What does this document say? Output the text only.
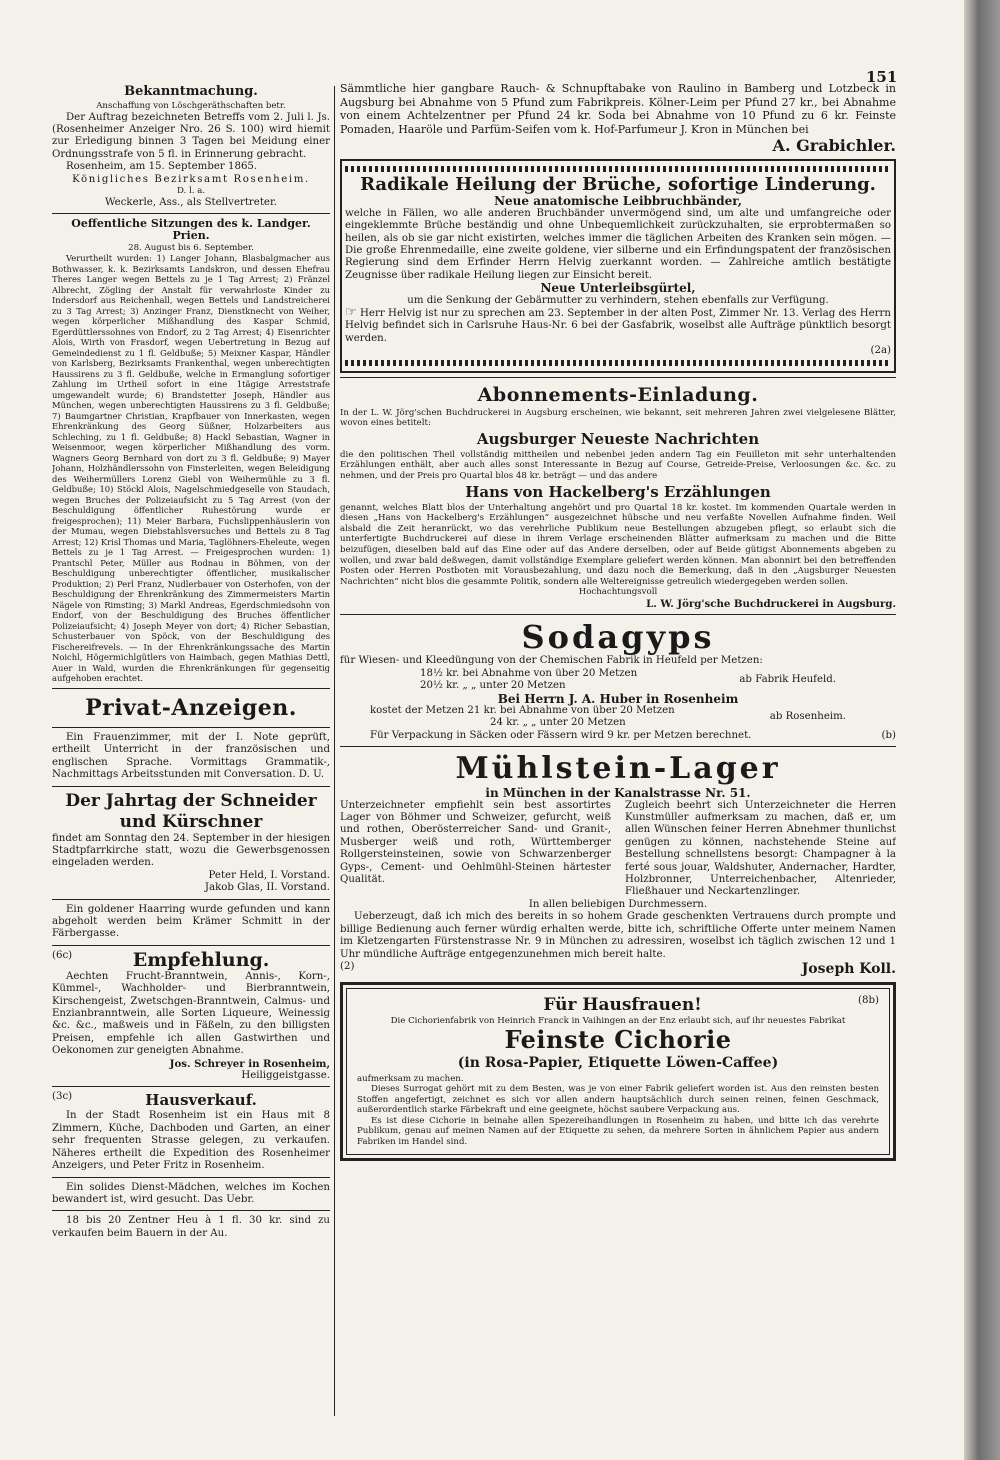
151

Bekanntmachung.

Anschaffung von Löschgeräthschaften betr.

Der Auftrag bezeichneten Betreffs vom 2. Juli l. Js. (Rosenheimer Anzeiger Nro. 26 S. 100) wird hiemit zur Erledigung binnen 3 Tagen bei Meidung einer Ordnungsstrafe von 5 fl. in Erinnerung gebracht.

Rosenheim, am 15. September 1865.

Königliches Bezirksamt Rosenheim.

D. l. a.

Weckerle, Ass., als Stellvertreter.

Oeffentliche Sitzungen des k. Landger. Prien.

28. August bis 6. September.

Verurtheilt wurden: 1) Langer Johann, Blasbalgmacher aus Bothwasser, k. k. Bezirksamts Landskron, und dessen Ehefrau Theres Langer wegen Bettels zu je 1 Tag Arrest; 2) Fränzel Albrecht, Zögling der Anstalt für verwahrloste Kinder zu Indersdorf aus Reichenhall, wegen Bettels und Landstreicherei zu 3 Tag Arrest; 3) Anzinger Franz, Dienstknecht von Weiher, wegen körperlicher Mißhandlung des Kaspar Schmid, Egerdüttlerssohnes von Endorf, zu 2 Tag Arrest; 4) Eisenrichter Alois, Wirth von Frasdorf, wegen Uebertretung in Bezug auf Gemeindedienst zu 1 fl. Geldbuße; 5) Meixner Kaspar, Händler von Karlsberg, Bezirksamts Frankenthal, wegen unberechtigten Haussirens zu 3 fl. Geldbuße, welche in Ermanglung sofortiger Zahlung im Urtheil sofort in eine 1tägige Arreststrafe umgewandelt wurde; 6) Brandstetter Joseph, Händler aus München, wegen unberechtigten Haussirens zu 3 fl. Geldbuße; 7) Baumgartner Christian, Krapfbauer von Innerkasten, wegen Ehrenkränkung des Georg Süßner, Holzarbeiters aus Schleching, zu 1 fl. Geldbuße; 8) Hackl Sebastian, Wagner in Weisenmoor, wegen körperlicher Mißhandlung des vorm. Wagners Georg Bernhard von dort zu 3 fl. Geldbuße; 9) Mayer Johann, Holzhändlerssohn von Finsterleiten, wegen Beleidigung des Weihermüllers Lorenz Giebl von Weihermühle zu 3 fl. Geldbuße; 10) Stöckl Alois, Nagelschmiedgeselle von Staudach, wegen Bruches der Polizeiaufsicht zu 5 Tag Arrest (von der Beschuldigung öffentlicher Ruhestörung wurde er freigesprochen); 11) Meier Barbara, Fuchslippenhäuslerin von der Mumau, wegen Diebstahlsversuches und Bettels zu 8 Tag Arrest; 12) Krisl Thomas und Maria, Taglöhners-Eheleute, wegen Bettels zu je 1 Tag Arrest. — Freigesprochen wurden: 1) Prantschl Peter, Müller aus Rodnau in Böhmen, von der Beschuldigung unberechtigter öffentlicher, musikalischer Produktion; 2) Perl Franz, Nudlerbauer von Osterhofen, von der Beschuldigung der Ehrenkränkung des Zimmermeisters Martin Nägele von Rimsting; 3) Markl Andreas, Egerdschmiedsohn von Endorf, von der Beschuldigung des Bruches öffentlicher Polizeiaufsicht; 4) Joseph Meyer von dort; 4) Richer Sebastian, Schusterbauer von Spöck, von der Beschuldigung des Fischereifrevels. — In der Ehrenkränkungssache des Martin Noichl, Högermichlgütlers von Haimbach, gegen Mathias Dettl, Auer in Wald, wurden die Ehrenkränkungen für gegenseitig aufgehoben erachtet.

Privat-Anzeigen.

Ein Frauenzimmer, mit der I. Note geprüft, ertheilt Unterricht in der französischen und englischen Sprache. Vormittags Grammatik-, Nachmittags Arbeitsstunden mit Conversation. D. U.

Der Jahrtag der Schneider

und Kürschner

findet am Sonntag den 24. September in der hiesigen Stadtpfarrkirche statt, wozu die Gewerbsgenossen eingeladen werden.

Peter Held, I. Vorstand.

Jakob Glas, II. Vorstand.

Ein goldener Haarring wurde gefunden und kann abgeholt werden beim Krämer Schmitt in der Färbergasse.

(6c)	Empfehlung.

Aechten Frucht-Branntwein, Annis-, Korn-, Kümmel-, Wachholder- und Bierbranntwein, Kirschengeist, Zwetschgen-Branntwein, Calmus- und Enzianbranntwein, alle Sorten Liqueure, Weinessig &c. &c., maßweis und in Fäßeln, zu den billigsten Preisen, empfehle ich allen Gastwirthen und Oekonomen zur geneigten Abnahme.

Jos. Schreyer in Rosenheim,

Heiliggeistgasse.

(3c)	Hausverkauf.

In der Stadt Rosenheim ist ein Haus mit 8 Zimmern, Küche, Dachboden und Garten, an einer sehr frequenten Strasse gelegen, zu verkaufen. Näheres ertheilt die Expedition des Rosenheimer Anzeigers, und Peter Fritz in Rosenheim.

Ein solides Dienst-Mädchen, welches im Kochen bewandert ist, wird gesucht. Das Uebr.

18 bis 20 Zentner Heu à 1 fl. 30 kr. sind zu verkaufen beim Bauern in der Au.

Sämmtliche hier gangbare Rauch- & Schnupftabake von Raulino in Bamberg und Lotzbeck in Augsburg bei Abnahme von 5 Pfund zum Fabrikpreis. Kölner-Leim per Pfund 27 kr., bei Abnahme von einem Achtelzentner per Pfund 24 kr. Soda bei Abnahme von 10 Pfund zu 6 kr. Feinste Pomaden, Haaröle und Parfüm-Seifen vom k. Hof-Parfumeur J. Kron in München bei

A. Grabichler.

Radikale Heilung der Brüche, sofortige Linderung.

Neue anatomische Leibbruchbänder,

welche in Fällen, wo alle anderen Bruchbänder unvermögend sind, um alte und umfangreiche oder eingeklemmte Brüche beständig und ohne Unbequemlichkeit zurückzuhalten, sie erprobtermaßen so heilen, als ob sie gar nicht existirten, welches immer die täglichen Arbeiten des Kranken sein mögen. — Die große Ehrenmedaille, eine zweite goldene, vier silberne und ein Erfindungspatent der französischen Regierung sind dem Erfinder Herrn Helvig zuerkannt worden. — Zahlreiche amtlich bestätigte Zeugnisse über radikale Heilung liegen zur Einsicht bereit.

Neue Unterleibsgürtel,

um die Senkung der Gebärmutter zu verhindern, stehen ebenfalls zur Verfügung.

☞ Herr Helvig ist nur zu sprechen am 23. September in der alten Post, Zimmer Nr. 13. Verlag des Herrn Helvig befindet sich in Carlsruhe Haus-Nr. 6 bei der Gasfabrik, woselbst alle Aufträge pünktlich besorgt werden.

(2a)

Abonnements-Einladung.

In der L. W. Jörg'schen Buchdruckerei in Augsburg erscheinen, wie bekannt, seit mehreren Jahren zwei vielgelesene Blätter, wovon eines betitelt:

Augsburger Neueste Nachrichten

die den politischen Theil vollständig mittheilen und nebenbei jeden andern Tag ein Feuilleton mit sehr unterhaltenden Erzählungen enthält, aber auch alles sonst Interessante in Bezug auf Course, Getreide-Preise, Verloosungen &c. &c. zu nehmen, und der Preis pro Quartal blos 48 kr. beträgt — und das andere

Hans von Hackelberg's Erzählungen

genannt, welches Blatt blos der Unterhaltung angehört und pro Quartal 18 kr. kostet. Im kommenden Quartale werden in diesen „Hans von Hackelberg's Erzählungen“ ausgezeichnet hübsche und neu verfaßte Novellen Aufnahme finden. Weil alsbald die Zeit heranrückt, wo das verehrliche Publikum neue Bestellungen abzugeben pflegt, so erlaubt sich die unterfertigte Buchdruckerei auf diese in ihrem Verlage erscheinenden Blätter aufmerksam zu machen und die Bitte beizufügen, dieselben bald auf das Eine oder auf das Andere derselben, oder auf Beide gütigst Abonnements abgeben zu wollen, und zwar bald deßwegen, damit vollständige Exemplare geliefert werden können. Man abonnirt bei den betreffenden Posten oder Herren Postboten mit Vorausbezahlung, und dazu noch die Bemerkung, daß in den „Augsburger Neuesten Nachrichten“ nicht blos die gesammte Politik, sondern alle Weltereignisse getreulich wiedergegeben werden sollen.

Hochachtungsvoll

L. W. Jörg'sche Buchdruckerei in Augsburg.

Sodagyps

für Wiesen- und Kleedüngung von der Chemischen Fabrik in Heufeld per Metzen:

18½ kr. bei Abnahme von über 20 Metzen

20½ kr. „ „ unter 20 Metzen

ab Fabrik Heufeld.

Bei Herrn J. A. Huber in Rosenheim

kostet der Metzen 21 kr. bei Abnahme von über 20 Metzen

24 kr. „ „ unter 20 Metzen

ab Rosenheim.

Für Verpackung in Säcken oder Fässern wird 9 kr. per Metzen berechnet.	(b)

Mühlstein-Lager

in München in der Kanalstrasse Nr. 51.

Unterzeichneter empfiehlt sein best assortirtes Lager von Böhmer und Schweizer, gefurcht, weiß und rothen, Oberösterreicher Sand- und Granit-, Musberger weiß und roth, Württemberger Rollgersteinsteinen, sowie von Schwarzenberger Gyps-, Cement- und Oehlmühl-Steinen härtester Qualität.

Zugleich beehrt sich Unterzeichneter die Herren Kunstmüller aufmerksam zu machen, daß er, um allen Wünschen feiner Herren Abnehmer thunlichst genügen zu können, nachstehende Steine auf Bestellung schnellstens besorgt: Champagner à la ferté sous jouar, Waldshuter, Andernacher, Hardter, Holzbronner, Unterreichenbacher, Altenrieder, Fließhauer und Neckartenzlinger.

In allen beliebigen Durchmessern.

Ueberzeugt, daß ich mich des bereits in so hohem Grade geschenkten Vertrauens durch prompte und billige Bedienung auch ferner würdig erhalten werde, bitte ich, schriftliche Offerte unter meinem Namen im Kletzengarten Fürstenstrasse Nr. 9 in München zu adressiren, woselbst ich täglich zwischen 12 und 1 Uhr mündliche Aufträge entgegenzunehmen mich bereit halte.

(2)	Joseph Koll.
Für Hausfrauen!	(8b)

Die Cichorienfabrik von Heinrich Franck in Vaihingen an der Enz erlaubt sich, auf ihr neuestes Fabrikat

Feinste Cichorie

(in Rosa-Papier, Etiquette Löwen-Caffee)

aufmerksam zu machen.

Dieses Surrogat gehört mit zu dem Besten, was je von einer Fabrik geliefert worden ist. Aus den reinsten besten Stoffen angefertigt, zeichnet es sich vor allen andern hauptsächlich durch seinen reinen, feinen Geschmack, außerordentlich starke Färbekraft und eine geeignete, höchst saubere Verpackung aus.

Es ist diese Cichorie in beinahe allen Spezereihandlungen in Rosenheim zu haben, und bitte ich das verehrte Publikum, genau auf meinen Namen auf der Etiquette zu sehen, da mehrere Sorten in ähnlichem Papier aus andern Fabriken im Handel sind.
